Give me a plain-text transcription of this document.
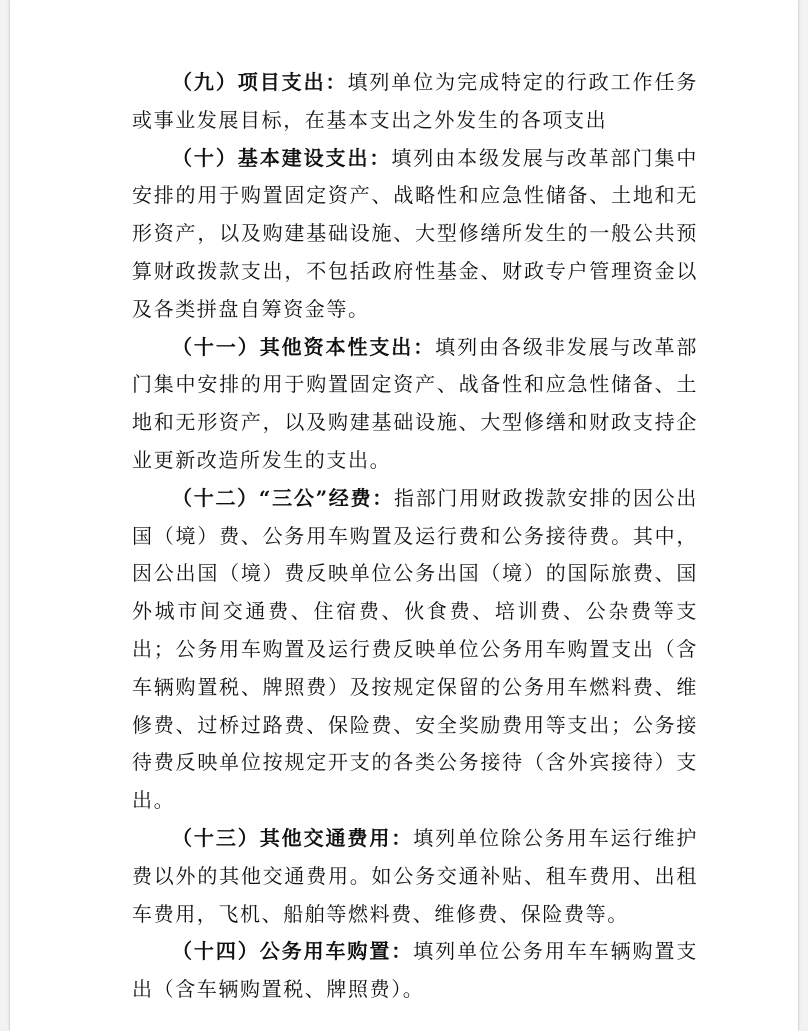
（九）项目支出：填列单位为完成特定的行政工作任务或事业发展目标，在基本支出之外发生的各项支出

（十）基本建设支出：填列由本级发展与改革部门集中安排的用于购置固定资产、战略性和应急性储备、土地和无形资产，以及购建基础设施、大型修缮所发生的一般公共预算财政拨款支出，不包括政府性基金、财政专户管理资金以及各类拼盘自筹资金等。

（十一）其他资本性支出：填列由各级非发展与改革部门集中安排的用于购置固定资产、战备性和应急性储备、土地和无形资产，以及购建基础设施、大型修缮和财政支持企业更新改造所发生的支出。

（十二）“三公”经费：指部门用财政拨款安排的因公出国（境）费、公务用车购置及运行费和公务接待费。其中，因公出国（境）费反映单位公务出国（境）的国际旅费、国外城市间交通费、住宿费、伙食费、培训费、公杂费等支出；公务用车购置及运行费反映单位公务用车购置支出（含车辆购置税、牌照费）及按规定保留的公务用车燃料费、维修费、过桥过路费、保险费、安全奖励费用等支出；公务接待费反映单位按规定开支的各类公务接待（含外宾接待）支出。

（十三）其他交通费用：填列单位除公务用车运行维护费以外的其他交通费用。如公务交通补贴、租车费用、出租车费用，飞机、船舶等燃料费、维修费、保险费等。

（十四）公务用车购置：填列单位公务用车车辆购置支出（含车辆购置税、牌照费）。
